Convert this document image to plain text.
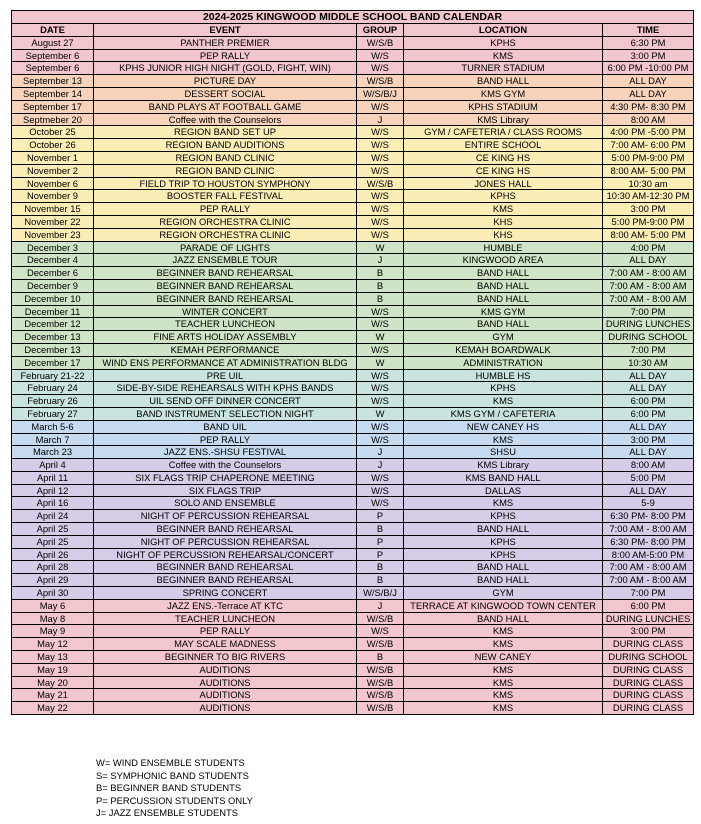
2024-2025 KINGWOOD MIDDLE SCHOOL BAND CALENDAR				
DATE	EVENT	GROUP	LOCATION	TIME
August 27	PANTHER PREMIER	W/S/B	KPHS	6:30 PM
September 6	PEP RALLY	W/S	KMS	3:00 PM
September 6	KPHS JUNIOR HIGH NIGHT (GOLD, FIGHT, WIN)	W/S	TURNER STADIUM	6:00 PM -10:00 PM
September 13	PICTURE DAY	W/S/B	BAND HALL	ALL DAY
September 14	DESSERT SOCIAL	W/S/B/J	KMS GYM	ALL DAY
September 17	BAND PLAYS AT FOOTBALL GAME	W/S	KPHS STADIUM	4:30 PM- 8:30 PM
Septmeber 20	Coffee with the Counselors	J	KMS Library	8:00 AM
October 25	REGION BAND SET UP	W/S	GYM / CAFETERIA / CLASS ROOMS	4:00 PM -5:00 PM
October 26	REGION BAND AUDITIONS	W/S	ENTIRE SCHOOL	7:00 AM- 6:00 PM
November 1	REGION BAND CLINIC	W/S	CE KING HS	5:00 PM-9:00 PM
November 2	REGION BAND CLINIC	W/S	CE KING HS	8:00 AM- 5:00 PM
November 6	FIELD TRIP TO HOUSTON SYMPHONY	W/S/B	JONES HALL	10:30 am
November 9	BOOSTER FALL FESTIVAL	W/S	KPHS	10:30 AM-12:30 PM
November 15	PEP RALLY	W/S	KMS	3:00 PM
November 22	REGION ORCHESTRA CLINIC	W/S	KHS	5:00 PM-9:00 PM
November 23	REGION ORCHESTRA CLINIC	W/S	KHS	8:00 AM- 5:00 PM
December 3	PARADE OF LIGHTS	W	HUMBLE	4:00 PM
December 4	JAZZ ENSEMBLE TOUR	J	KINGWOOD AREA	ALL DAY
December 6	BEGINNER BAND REHEARSAL	B	BAND HALL	7:00 AM - 8:00 AM
December 9	BEGINNER BAND REHEARSAL	B	BAND HALL	7:00 AM - 8:00 AM
December 10	BEGINNER BAND REHEARSAL	B	BAND HALL	7:00 AM - 8:00 AM
December 11	WINTER CONCERT	W/S	KMS GYM	7:00 PM
December 12	TEACHER LUNCHEON	W/S	BAND HALL	DURING LUNCHES
December 13	FINE ARTS HOLIDAY ASSEMBLY	W	GYM	DURING SCHOOL
December 13	KEMAH PERFORMANCE	W/S	KEMAH BOARDWALK	7:00 PM
December 17	WIND ENS PERFORMANCE AT ADMINISTRATION BLDG	W	ADMINISTRATION	10:30 AM
February 21-22	PRE UIL	W/S	HUMBLE HS	ALL DAY
February 24	SIDE-BY-SIDE REHEARSALS WITH KPHS BANDS	W/S	KPHS	ALL DAY
February 26	UIL SEND OFF DINNER CONCERT	W/S	KMS	6:00 PM
February 27	BAND INSTRUMENT SELECTION NIGHT	W	KMS GYM / CAFETERIA	6:00 PM
March 5-6	BAND UIL	W/S	NEW CANEY HS	ALL DAY
March 7	PEP RALLY	W/S	KMS	3:00 PM
March 23	JAZZ ENS.-SHSU FESTIVAL	J	SHSU	ALL DAY
April 4	Coffee with the Counselors	J	KMS Library	8:00 AM
April 11	SIX FLAGS TRIP CHAPERONE MEETING	W/S	KMS BAND HALL	5:00 PM
April 12	SIX FLAGS TRIP	W/S	DALLAS	ALL DAY
April 16	SOLO AND ENSEMBLE	W/S	KMS	5-9
April 24	NIGHT OF PERCUSSION REHEARSAL	P	KPHS	6:30 PM- 8:00 PM
April 25	BEGINNER BAND REHEARSAL	B	BAND HALL	7:00 AM - 8:00 AM
April 25	NIGHT OF PERCUSSION REHEARSAL	P	KPHS	6:30 PM- 8:00 PM
April 26	NIGHT OF PERCUSSION REHEARSAL/CONCERT	P	KPHS	8:00 AM-5:00 PM
April 28	BEGINNER BAND REHEARSAL	B	BAND HALL	7:00 AM - 8:00 AM
April 29	BEGINNER BAND REHEARSAL	B	BAND HALL	7:00 AM - 8:00 AM
April 30	SPRING CONCERT	W/S/B/J	GYM	7:00 PM
May 6	JAZZ ENS.-Terrace AT KTC	J	TERRACE AT KINGWOOD TOWN CENTER	6:00 PM
May 8	TEACHER LUNCHEON	W/S/B	BAND HALL	DURING LUNCHES
May 9	PEP RALLY	W/S	KMS	3:00 PM
May 12	MAY SCALE MADNESS	W/S/B	KMS	DURING CLASS
May 13	BEGINNER TO BIG RIVERS	B	NEW CANEY	DURING SCHOOL
May 19	AUDITIONS	W/S/B	KMS	DURING CLASS
May 20	AUDITIONS	W/S/B	KMS	DURING CLASS
May 21	AUDITIONS	W/S/B	KMS	DURING CLASS
May 22	AUDITIONS	W/S/B	KMS	DURING CLASS
W= WIND ENSEMBLE STUDENTS
S= SYMPHONIC BAND STUDENTS
B= BEGINNER BAND STUDENTS
P= PERCUSSION STUDENTS ONLY
J= JAZZ ENSEMBLE STUDENTS
